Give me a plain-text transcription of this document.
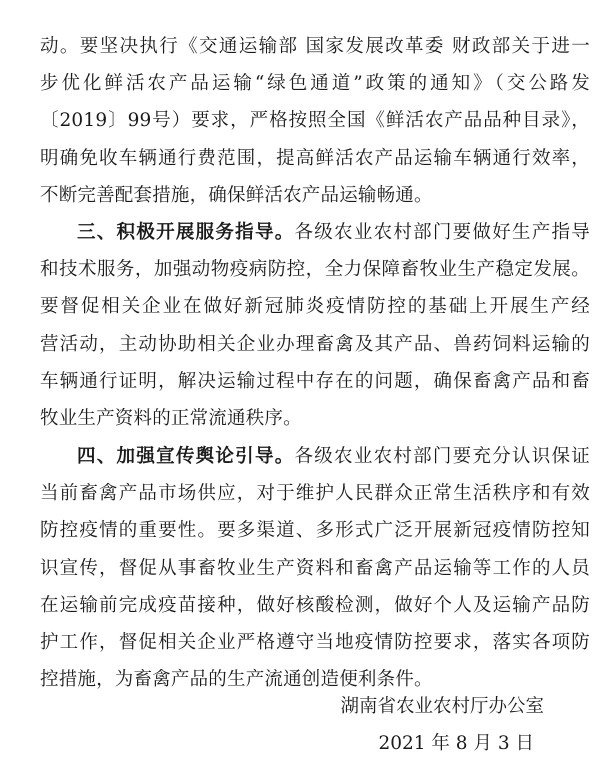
动。要坚决执行《交通运输部 国家发展改革委 财政部关于进一
步优化鲜活农产品运输“绿色通道”政策的通知》（交公路发
〔2019〕99号）要求，严格按照全国《鲜活农产品品种目录》，
明确免收车辆通行费范围，提高鲜活农产品运输车辆通行效率，
不断完善配套措施，确保鲜活农产品运输畅通。
三、积极开展服务指导。各级农业农村部门要做好生产指导
和技术服务，加强动物疫病防控，全力保障畜牧业生产稳定发展。
要督促相关企业在做好新冠肺炎疫情防控的基础上开展生产经
营活动，主动协助相关企业办理畜禽及其产品、兽药饲料运输的
车辆通行证明，解决运输过程中存在的问题，确保畜禽产品和畜
牧业生产资料的正常流通秩序。
四、加强宣传舆论引导。各级农业农村部门要充分认识保证
当前畜禽产品市场供应，对于维护人民群众正常生活秩序和有效
防控疫情的重要性。要多渠道、多形式广泛开展新冠疫情防控知
识宣传，督促从事畜牧业生产资料和畜禽产品运输等工作的人员
在运输前完成疫苗接种，做好核酸检测，做好个人及运输产品防
护工作，督促相关企业严格遵守当地疫情防控要求，落实各项防
控措施，为畜禽产品的生产流通创造便利条件。
湖南省农业农村厅办公室
2021 年 8 月 3 日
